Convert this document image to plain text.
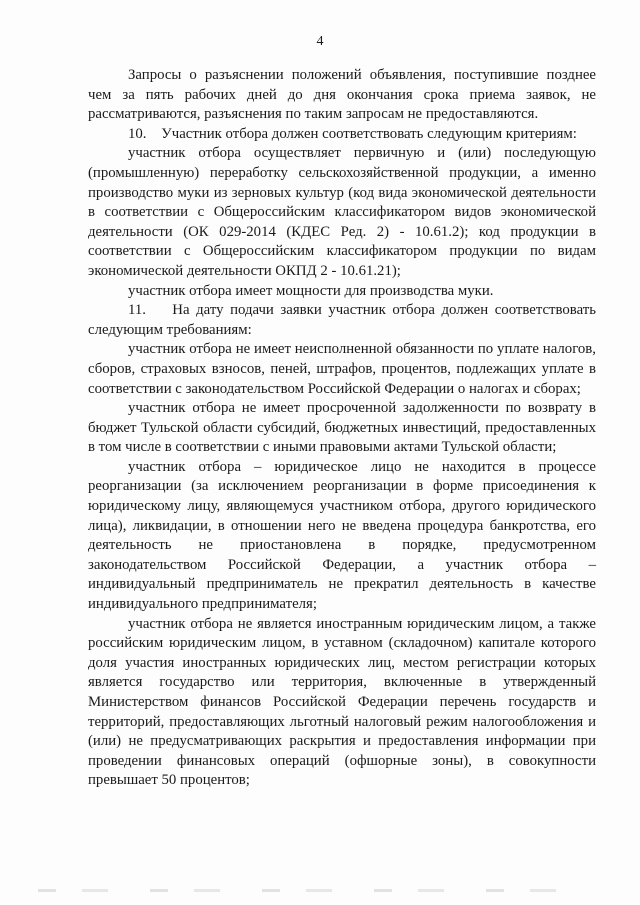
4

Запросы о разъяснении положений объявления, поступившие позднее чем за пять рабочих дней до дня окончания срока приема заявок, не рассматриваются, разъяснения по таким запросам не предоставляются.

10.    Участник отбора должен соответствовать следующим критериям:

участник отбора осуществляет первичную и (или) последующую (промышленную) переработку сельскохозяйственной продукции, а именно производство муки из зерновых культур (код вида экономической деятельности в соответствии с Общероссийским классификатором видов экономической деятельности (ОК 029-2014 (КДЕС Ред. 2) - 10.61.2); код продукции в соответствии с Общероссийским классификатором продукции по видам экономической деятельности ОКПД 2 - 10.61.21);

участник отбора имеет мощности для производства муки.

11.    На дату подачи заявки участник отбора должен соответствовать следующим требованиям:

участник отбора не имеет неисполненной обязанности по уплате налогов, сборов, страховых взносов, пеней, штрафов, процентов, подлежащих уплате в соответствии с законодательством Российской Федерации о налогах и сборах;

участник отбора не имеет просроченной задолженности по возврату в бюджет Тульской области субсидий, бюджетных инвестиций, предоставленных в том числе в соответствии с иными правовыми актами Тульской области;

участник отбора – юридическое лицо не находится в процессе реорганизации (за исключением реорганизации в форме присоединения к юридическому лицу, являющемуся участником отбора, другого юридического лица), ликвидации, в отношении него не введена процедура банкротства, его деятельность не приостановлена в порядке, предусмотренном законодательством Российской Федерации, а участник отбора – индивидуальный предприниматель не прекратил деятельность в качестве индивидуального предпринимателя;

участник отбора не является иностранным юридическим лицом, а также российским юридическим лицом, в уставном (складочном) капитале которого доля участия иностранных юридических лиц, местом регистрации которых является государство или территория, включенные в утвержденный Министерством финансов Российской Федерации перечень государств и территорий, предоставляющих льготный налоговый режим налогообложения и (или) не предусматривающих раскрытия и предоставления информации при проведении финансовых операций (офшорные зоны), в совокупности превышает 50 процентов;
